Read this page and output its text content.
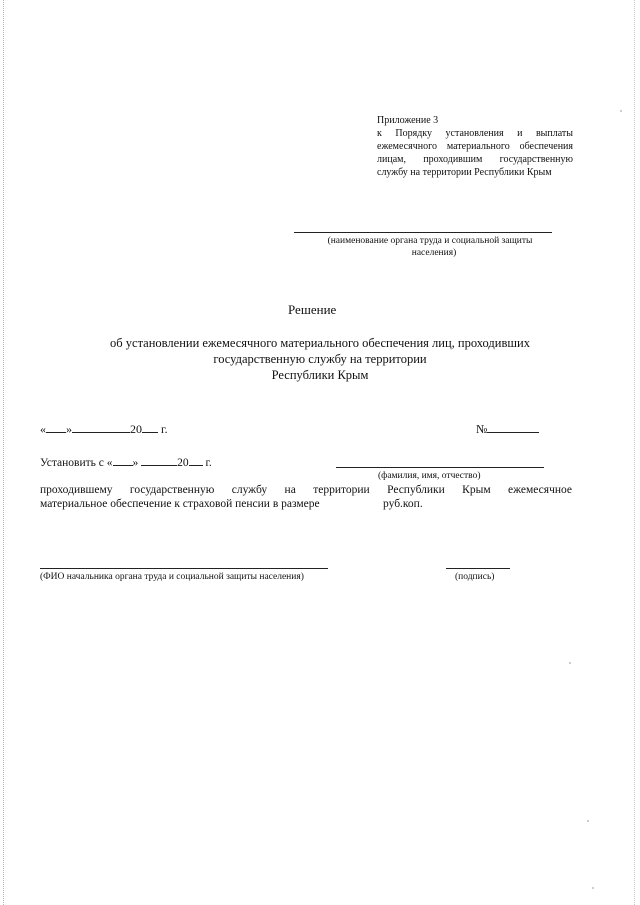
Приложение 3
к Порядку установления и выплаты
ежемесячного материального обеспечения
лицам, проходившим государственную
службу на территории Республики Крым
(наименование органа труда и социальной защиты
населения)
Решение
об установлении ежемесячного материального обеспечения лиц, проходивших
государственную службу на территории
Республики Крым
« »	20 г.	№
Установить с « »	20 г.
(фамилия, имя, отчество)
проходившему государственную службу на территории Республики Крым ежемесячное
материальное обеспечение к страховой пенсии в размере	руб.коп.
(ФИО начальника органа труда и социальной защиты населения)	(подпись)
